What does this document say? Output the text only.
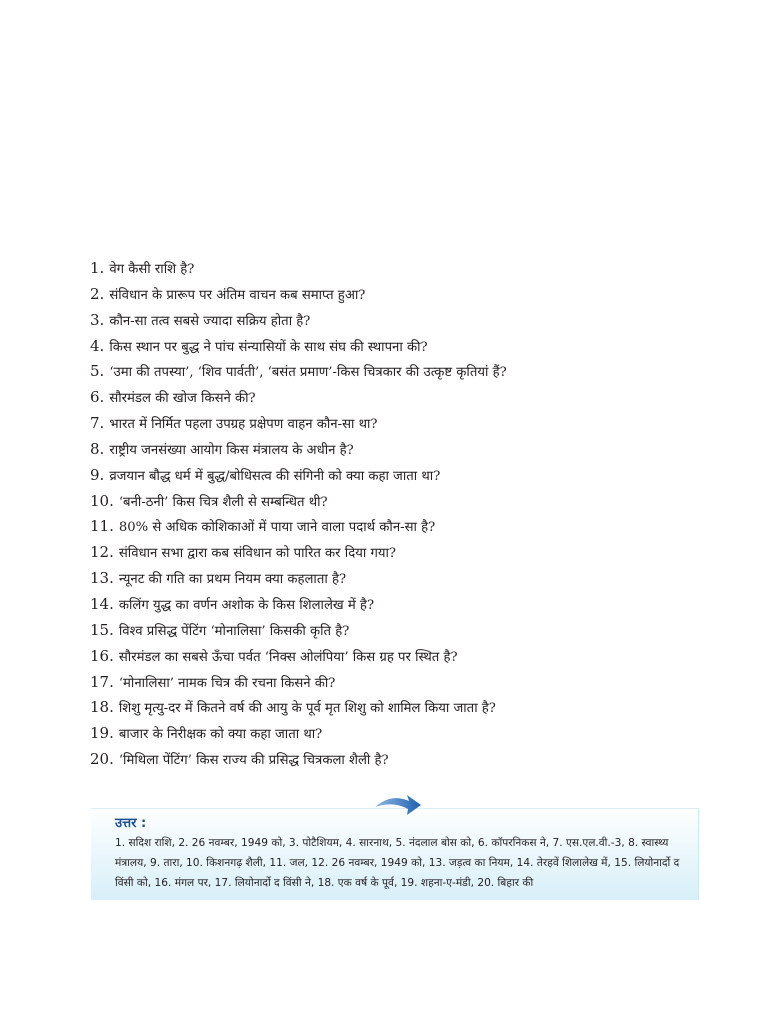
1. वेग कैसी राशि है?
2. संविधान के प्रारूप पर अंतिम वाचन कब समाप्त हुआ?
3. कौन-सा तत्व सबसे ज्यादा सक्रिय होता है?
4. किस स्थान पर बुद्ध ने पांच संन्यासियों के साथ संघ की स्थापना की?
5. ‘उमा की तपस्या’, ‘शिव पार्वती’, ‘बसंत प्रमाण’-किस चित्रकार की उत्कृष्ट कृतियां हैं?
6. सौरमंडल की खोज किसने की?
7. भारत में निर्मित पहला उपग्रह प्रक्षेपण वाहन कौन-सा था?
8. राष्ट्रीय जनसंख्या आयोग किस मंत्रालय के अधीन है?
9. व्रजयान बौद्ध धर्म में बुद्ध/बोधिसत्व की संगिनी को क्या कहा जाता था?
10. ‘बनी-ठनी’ किस चित्र शैली से सम्बन्धित थी?
11. 80% से अधिक कोशिकाओं में पाया जाने वाला पदार्थ कौन-सा है?
12. संविधान सभा द्वारा कब संविधान को पारित कर दिया गया?
13. न्यूनट की गति का प्रथम नियम क्या कहलाता है?
14. कलिंग युद्ध का वर्णन अशोक के किस शिलालेख में है?
15. विश्व प्रसिद्ध पेंटिंग ‘मोनालिसा’ किसकी कृति है?
16. सौरमंडल का सबसे ऊँचा पर्वत ‘निक्स ओलंपिया’ किस ग्रह पर स्थित है?
17. ‘मोनालिसा’ नामक चित्र की रचना किसने की?
18. शिशु मृत्यु-दर में कितने वर्ष की आयु के पूर्व मृत शिशु को शामिल किया जाता है?
19. बाजार के निरीक्षक को क्या कहा जाता था?
20. ‘मिथिला पेंटिंग’ किस राज्य की प्रसिद्ध चित्रकला शैली है?
उत्तर :
1. सदिश राशि, 2. 26 नवम्बर, 1949 को, 3. पोटैशियम, 4. सारनाथ, 5. नंदलाल बोस को, 6. कॉपरनिकस ने, 7. एस.एल.वी.-3, 8. स्वास्थ्य मंत्रालय, 9. तारा, 10. किशनगढ़ शैली, 11. जल, 12. 26 नवम्बर, 1949 को, 13. जड़त्व का नियम, 14. तेरहवें शिलालेख में, 15. लियोनार्दो द विंसी को, 16. मंगल पर, 17. लियोनार्दो द विंसी ने, 18. एक वर्ष के पूर्व, 19. शहना-ए-मंडी, 20. बिहार की
